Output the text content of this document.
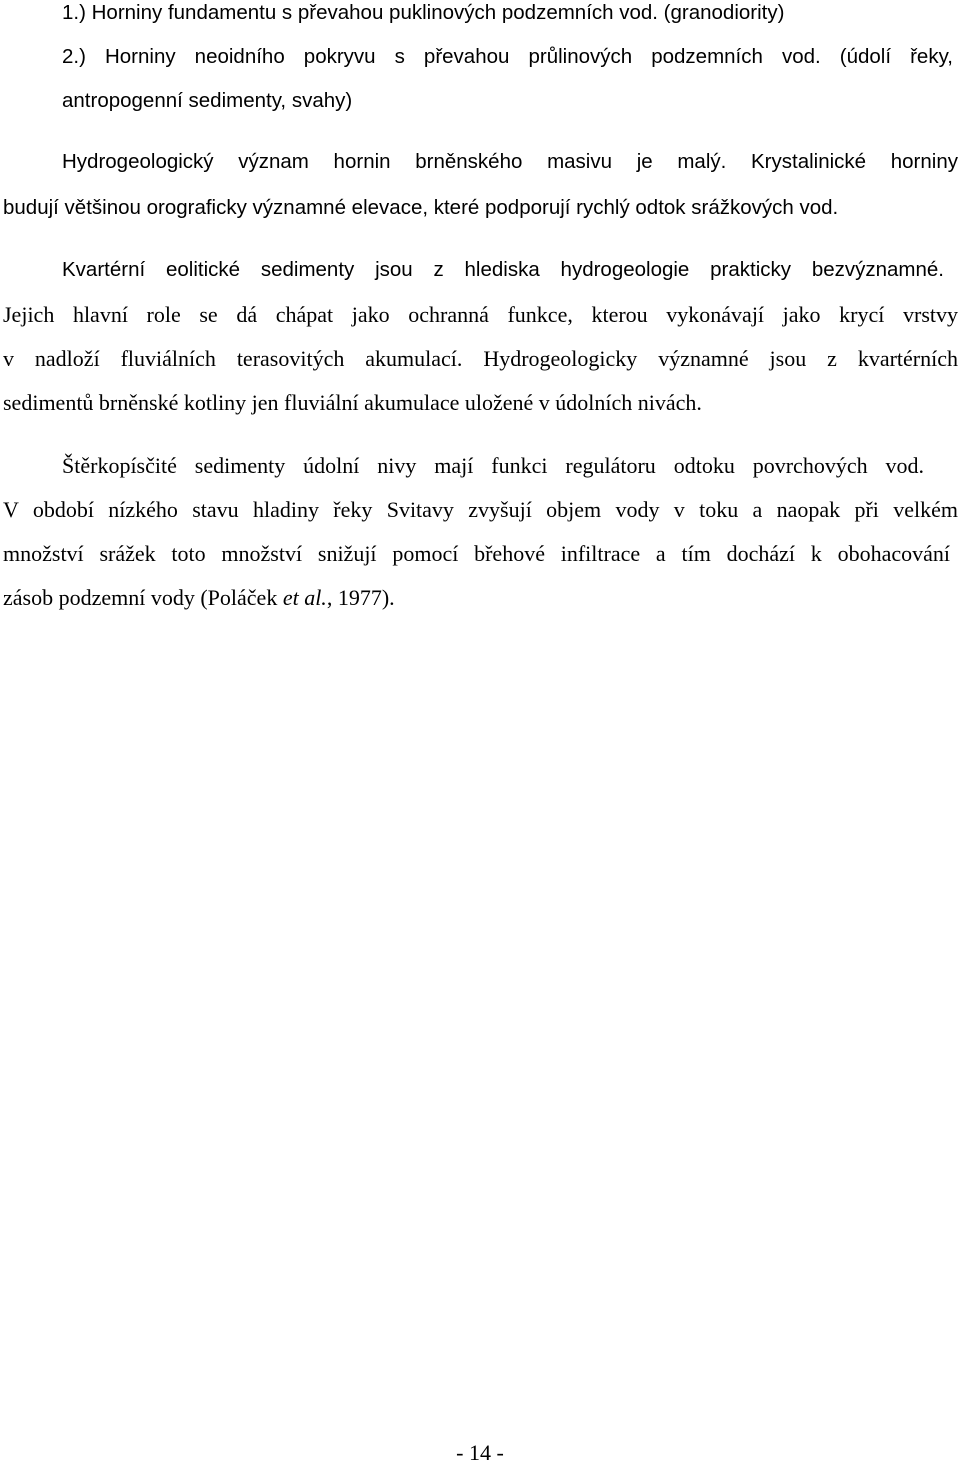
1.) Horniny fundamentu s převahou puklinových podzemních vod. (granodiority)
2.) Horniny neoidního pokryvu s převahou průlinových podzemních vod. (údolí řeky,
antropogenní sedimenty, svahy)
Hydrogeologický význam hornin brněnského masivu je malý. Krystalinické horniny
budují většinou orograficky významné elevace, které podporují rychlý odtok srážkových vod.
Kvartérní eolitické sedimenty jsou z hlediska hydrogeologie prakticky bezvýznamné.
Jejich hlavní role se dá chápat jako ochranná funkce, kterou vykonávají jako krycí vrstvy
v nadloží fluviálních terasovitých akumulací. Hydrogeologicky významné jsou z kvartérních
sedimentů brněnské kotliny jen fluviální akumulace uložené v údolních nivách.
Štěrkopísčité sedimenty údolní nivy mají funkci regulátoru odtoku povrchových vod.
V období nízkého stavu hladiny řeky Svitavy zvyšují objem vody v toku a naopak při velkém
množství srážek toto množství snižují pomocí břehové infiltrace a tím dochází k obohacování
zásob podzemní vody (Poláček et al., 1977).
- 14 -
